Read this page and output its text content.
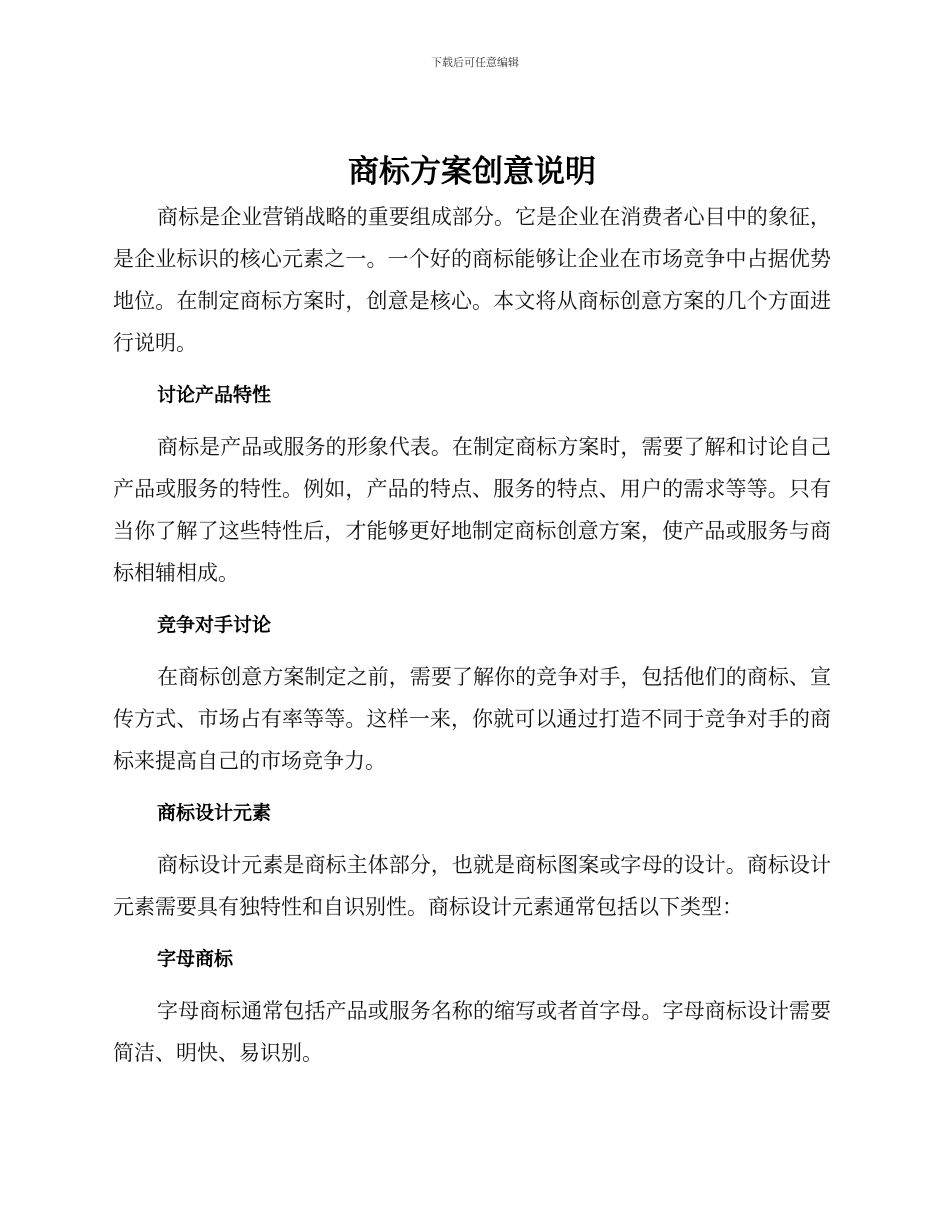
下载后可任意编辑
商标方案创意说明

商标是企业营销战略的重要组成部分。它是企业在消费者心目中的象征，是企业标识的核心元素之一。一个好的商标能够让企业在市场竞争中占据优势地位。在制定商标方案时，创意是核心。本文将从商标创意方案的几个方面进行说明。

讨论产品特性

商标是产品或服务的形象代表。在制定商标方案时，需要了解和讨论自己产品或服务的特性。例如，产品的特点、服务的特点、用户的需求等等。只有当你了解了这些特性后，才能够更好地制定商标创意方案，使产品或服务与商标相辅相成。

竞争对手讨论

在商标创意方案制定之前，需要了解你的竞争对手，包括他们的商标、宣传方式、市场占有率等等。这样一来，你就可以通过打造不同于竞争对手的商标来提高自己的市场竞争力。

商标设计元素

商标设计元素是商标主体部分，也就是商标图案或字母的设计。商标设计元素需要具有独特性和自识别性。商标设计元素通常包括以下类型：

字母商标

字母商标通常包括产品或服务名称的缩写或者首字母。字母商标设计需要简洁、明快、易识别。
